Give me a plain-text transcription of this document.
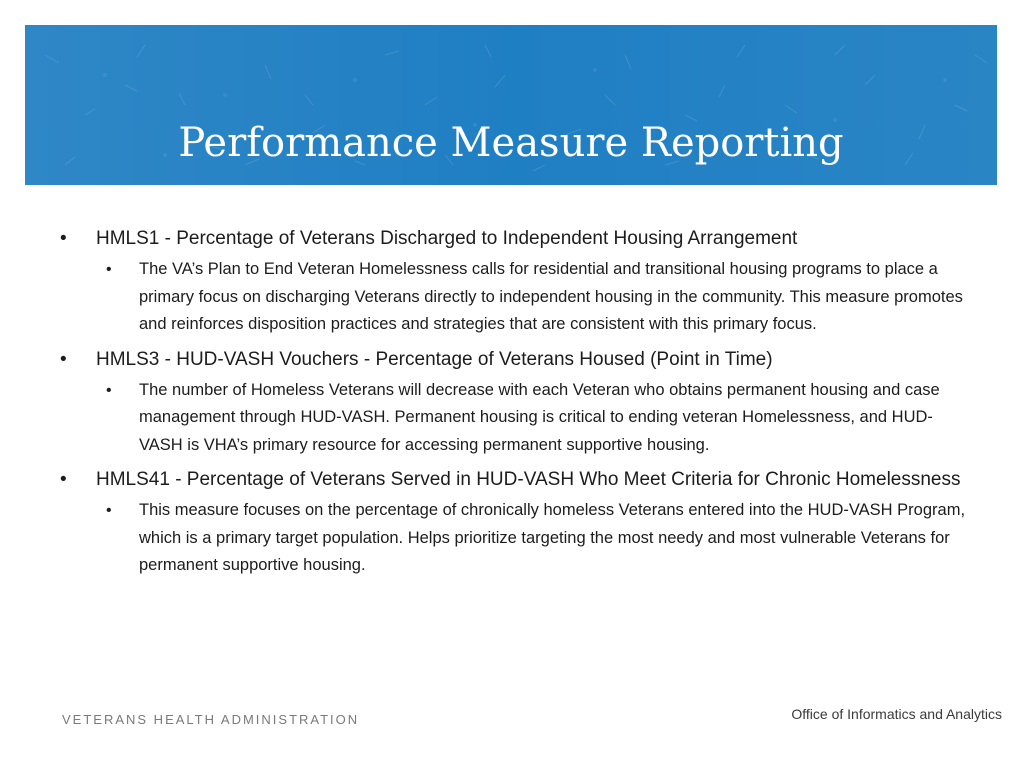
Performance Measure Reporting
• HMLS1 - Percentage of Veterans Discharged to Independent Housing Arrangement
• The VA’s Plan to End Veteran Homelessness calls for residential and transitional housing programs to place a primary focus on discharging Veterans directly to independent housing in the community. This measure promotes and reinforces disposition practices and strategies that are consistent with this primary focus.
• HMLS3 - HUD-VASH Vouchers - Percentage of Veterans Housed (Point in Time)
• The number of Homeless Veterans will decrease with each Veteran who obtains permanent housing and case management through HUD-VASH. Permanent housing is critical to ending veteran Homelessness, and HUD-VASH is VHA’s primary resource for accessing permanent supportive housing.
• HMLS41 - Percentage of Veterans Served in HUD-VASH Who Meet Criteria for Chronic Homelessness
• This measure focuses on the percentage of chronically homeless Veterans entered into the HUD-VASH Program, which is a primary target population. Helps prioritize targeting the most needy and most vulnerable Veterans for permanent supportive housing.
VETERANS HEALTH ADMINISTRATION	Office of Informatics and Analytics
